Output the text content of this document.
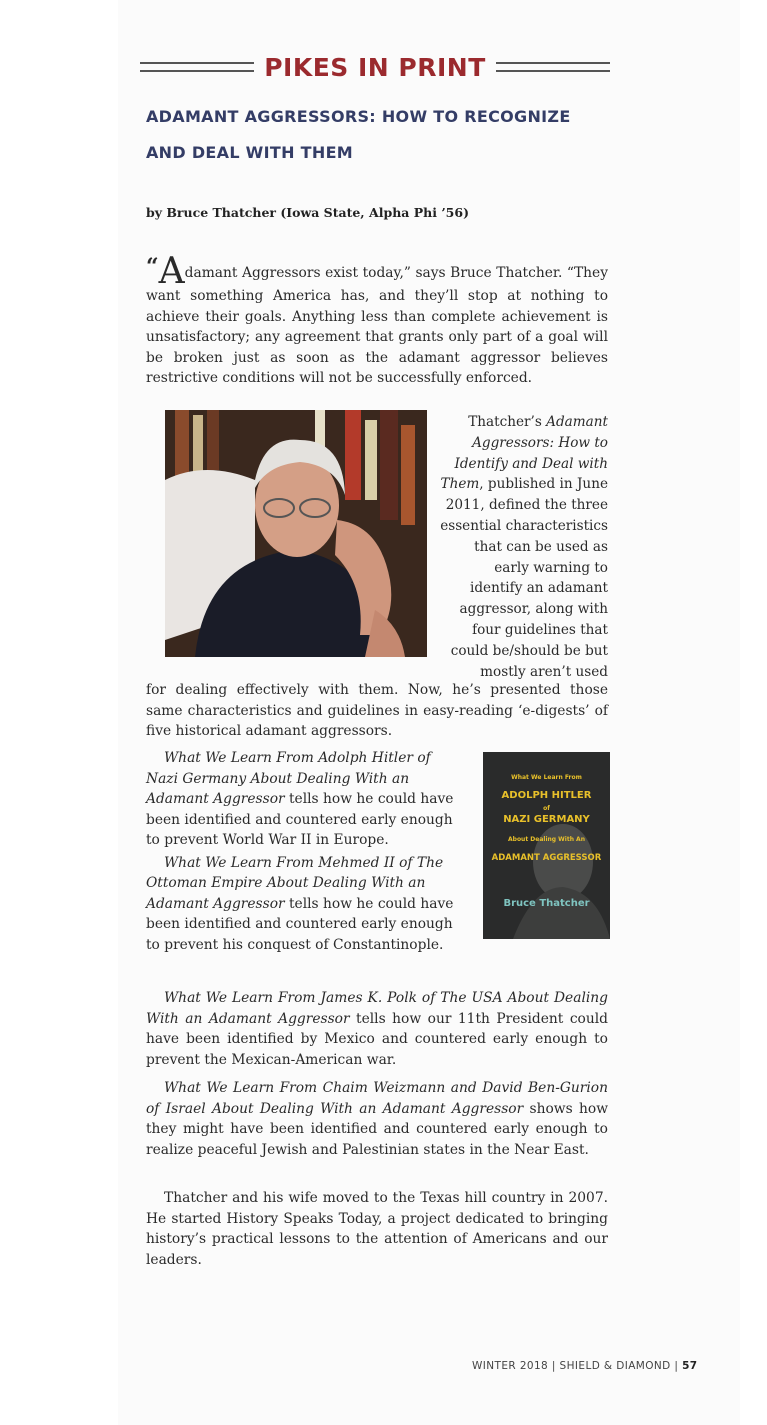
PIKES IN PRINT
ADAMANT AGGRESSORS: HOW TO RECOGNIZE
AND DEAL WITH THEM
by Bruce Thatcher (Iowa State, Alpha Phi ’56)
“Adamant Aggressors exist today,” says Bruce Thatcher. “They want something America has, and they’ll stop at nothing to achieve their goals. Anything less than complete achievement is unsatisfactory; any agreement that grants only part of a goal will be broken just as soon as the adamant aggressor believes restrictive conditions will not be successfully enforced.
Thatcher’s Adamant Aggressors: How to Identify and Deal with Them, published in June 2011, defined the three essential characteristics that can be used as early warning to identify an adamant aggressor, along with four guidelines that could be/should be but mostly aren’t used
for dealing effectively with them. Now, he’s presented those same characteristics and guidelines in easy-reading ‘e-digests’ of five historical adamant aggressors.

What We Learn From Adolph Hitler of Nazi Germany About Dealing With an Adamant Aggressor tells how he could have been identified and countered early enough to prevent World War II in Europe.

What We Learn From Mehmed II of The Ottoman Empire About Dealing With an Adamant Aggressor tells how he could have been identified and countered early enough to prevent his conquest of Constantinople.

What We Learn From
ADOLPH HITLER
of
NAZI GERMANY
About Dealing With An
ADAMANT AGGRESSOR
Bruce Thatcher
What We Learn From James K. Polk of The USA About Dealing With an Adamant Aggressor tells how our 11th President could have been identified by Mexico and countered early enough to prevent the Mexican-American war.
What We Learn From Chaim Weizmann and David Ben-Gurion of Israel About Dealing With an Adamant Aggressor shows how they might have been identified and countered early enough to realize peaceful Jewish and Palestinian states in the Near East.
Thatcher and his wife moved to the Texas hill country in 2007. He started History Speaks Today, a project dedicated to bringing history’s practical lessons to the attention of Americans and our leaders.
WINTER 2018 | SHIELD & DIAMOND | 57
